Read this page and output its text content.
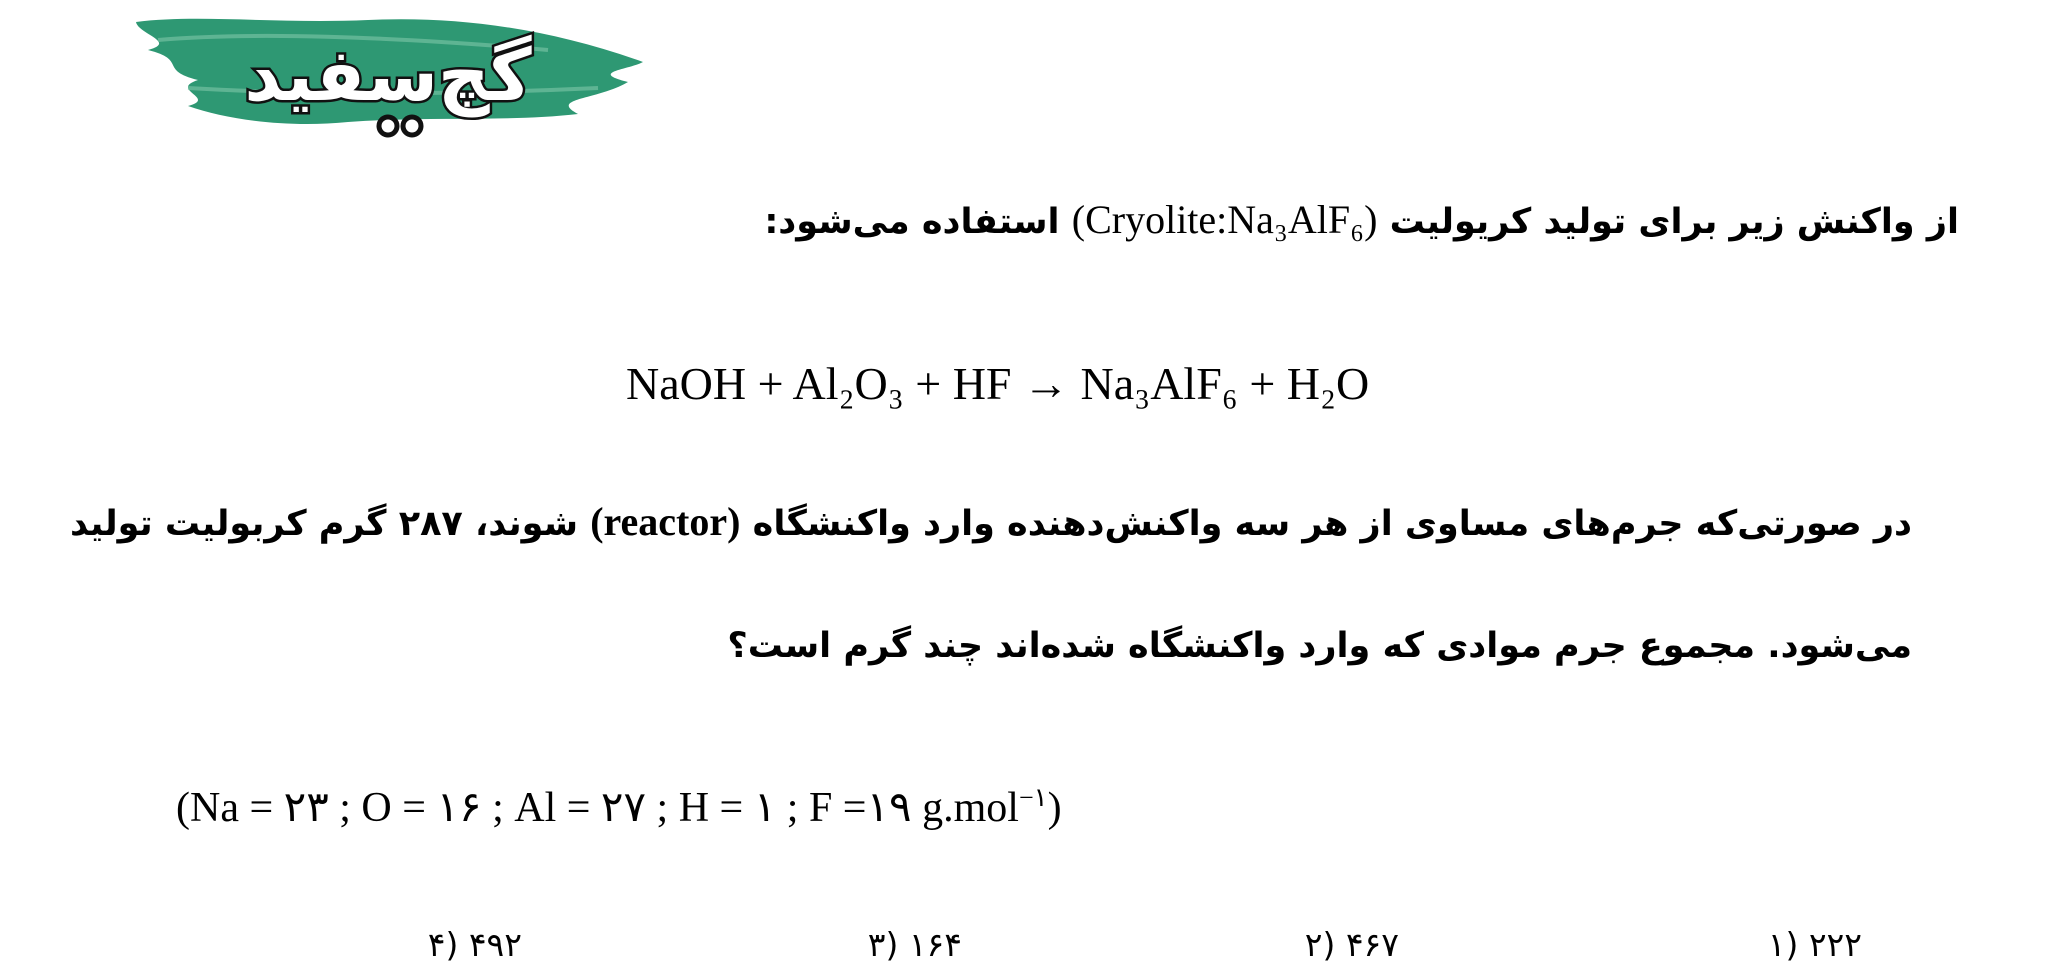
گچ‌سفید
از واکنش زیر برای تولید کریولیت (Cryolite:Na₃AlF₆) استفاده می‌شود:
NaOH + Al₂O₃ + HF → Na₃AlF₆ + H₂O
در صورتی‌که جرم‌های مساوی از هر سه واکنش‌دهنده وارد واکنشگاه (reactor) شوند، ۲۸۷ گرم کربولیت تولید
می‌شود. مجموع جرم موادی که وارد واکنشگاه شده‌اند چند گرم است؟
(Na = ۲۳ ; O = ۱۶ ; Al = ۲۷ ; H = ۱ ; F =۱۹ g.mol$^{-۱}$)
۱) ۲۲۲
۲) ۴۶۷
۳) ۱۶۴
۴) ۴۹۲
